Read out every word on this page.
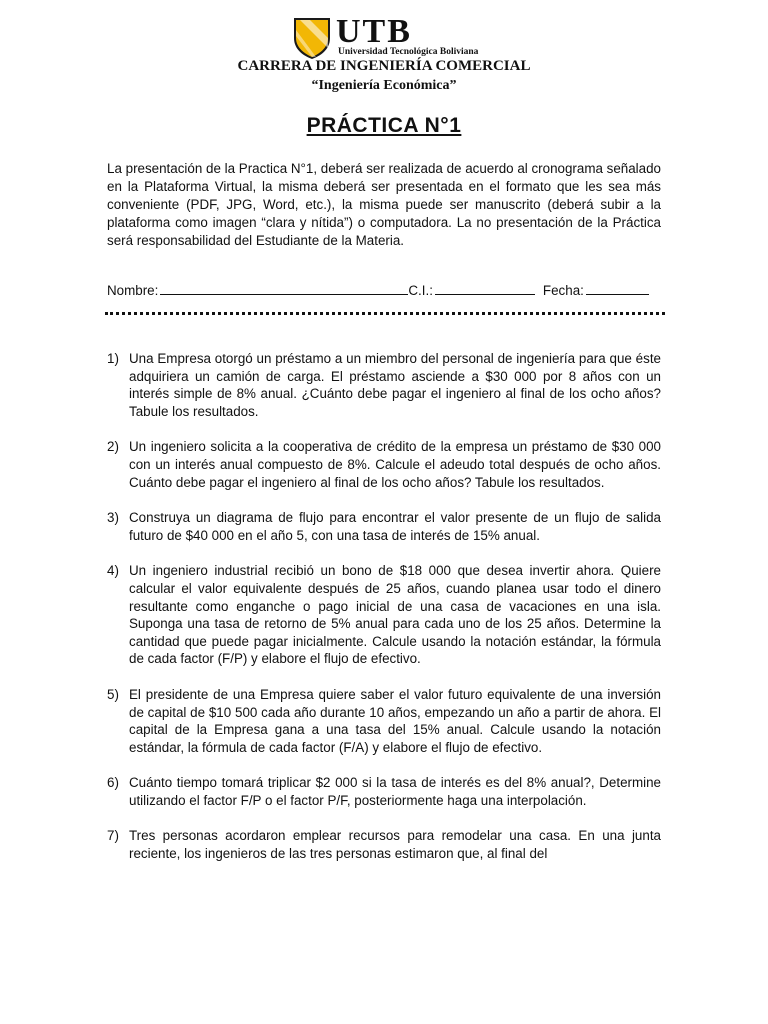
UTB
Universidad Tecnológica Boliviana
CARRERA DE INGENIERÍA COMERCIAL
“Ingeniería Económica”
PRÁCTICA N°1
La presentación de la Practica N°1, deberá ser realizada de acuerdo al cronograma señalado en la Plataforma Virtual, la misma deberá ser presentada en el formato que les sea más conveniente (PDF, JPG, Word, etc.), la misma puede ser manuscrito (deberá subir a la plataforma como imagen “clara y nítida”) o computadora. La no presentación de la Práctica será responsabilidad del Estudiante de la Materia.
Nombre:	C.I.:	Fecha:
1) Una Empresa otorgó un préstamo a un miembro del personal de ingeniería para que éste adquiriera un camión de carga. El préstamo asciende a $30 000 por 8 años con un interés simple de 8% anual. ¿Cuánto debe pagar el ingeniero al final de los ocho años? Tabule los resultados.
2) Un ingeniero solicita a la cooperativa de crédito de la empresa un préstamo de $30 000 con un interés anual compuesto de 8%. Calcule el adeudo total después de ocho años. Cuánto debe pagar el ingeniero al final de los ocho años? Tabule los resultados.
3) Construya un diagrama de flujo para encontrar el valor presente de un flujo de salida futuro de $40 000 en el año 5, con una tasa de interés de 15% anual.
4) Un ingeniero industrial recibió un bono de $18 000 que desea invertir ahora. Quiere calcular el valor equivalente después de 25 años, cuando planea usar todo el dinero resultante como enganche o pago inicial de una casa de vacaciones en una isla. Suponga una tasa de retorno de 5% anual para cada uno de los 25 años. Determine la cantidad que puede pagar inicialmente. Calcule usando la notación estándar, la fórmula de cada factor (F/P) y elabore el flujo de efectivo.
5) El presidente de una Empresa quiere saber el valor futuro equivalente de una inversión de capital de $10 500 cada año durante 10 años, empezando un año a partir de ahora. El capital de la Empresa gana a una tasa del 15% anual. Calcule usando la notación estándar, la fórmula de cada factor (F/A) y elabore el flujo de efectivo.
6) Cuánto tiempo tomará triplicar $2 000 si la tasa de interés es del 8% anual?, Determine utilizando el factor F/P o el factor P/F, posteriormente haga una interpolación.
7) Tres personas acordaron emplear recursos para remodelar una casa. En una junta reciente, los ingenieros de las tres personas estimaron que, al final del
